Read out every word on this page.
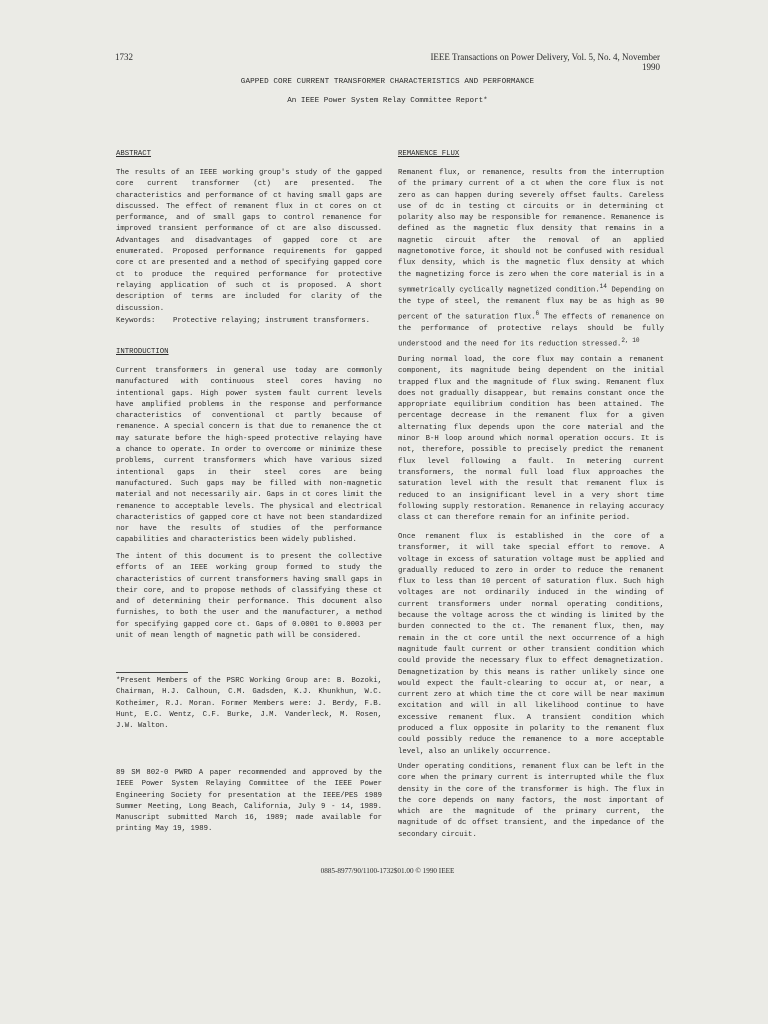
1732	IEEE Transactions on Power Delivery, Vol. 5, No. 4, November 1990
GAPPED CORE CURRENT TRANSFORMER CHARACTERISTICS AND PERFORMANCE
An IEEE Power System Relay Committee Report*
ABSTRACT

The results of an IEEE working group's study of the gapped core current transformer (ct) are presented. The characteristics and performance of ct having small gaps are discussed. The effect of remanent flux in ct cores on ct performance, and of small gaps to control remanence for improved transient performance of ct are also discussed. Advantages and disadvantages of gapped core ct are enumerated. Proposed performance requirements for gapped core ct are presented and a method of specifying gapped core ct to produce the required performance for protective relaying application of such ct is proposed. A short description of terms are included for clarity of the discussion.

Keywords:	Protective relaying; instrument transformers.
INTRODUCTION

Current transformers in general use today are commonly manufactured with continuous steel cores having no intentional gaps. High power system fault current levels have amplified problems in the response and performance characteristics of conventional ct partly because of remanence. A special concern is that due to remanence the ct may saturate before the high-speed protective relaying have a chance to operate. In order to overcome or minimize these problems, current transformers which have various sized intentional gaps in their steel cores are being manufactured. Such gaps may be filled with non-magnetic material and not necessarily air. Gaps in ct cores limit the remanence to acceptable levels. The physical and electrical characteristics of gapped core ct have not been standardized nor have the results of studies of the performance capabilities and characteristics been widely published.

The intent of this document is to present the collective efforts of an IEEE working group formed to study the characteristics of current transformers having small gaps in their core, and to propose methods of classifying these ct and of determining their performance. This document also furnishes, to both the user and the manufacturer, a method for specifying gapped core ct. Gaps of 0.0001 to 0.0003 per unit of mean length of magnetic path will be considered.

*Present Members of the PSRC Working Group are: B. Bozoki, Chairman, H.J. Calhoun, C.M. Gadsden, K.J. Khunkhun, W.C. Kotheimer, R.J. Moran. Former Members were: J. Berdy, F.B. Hunt, E.C. Wentz, C.F. Burke, J.M. Vanderleck, M. Rosen, J.W. Walton.

89 SM 802-0 PWRD A paper recommended and approved by the IEEE Power System Relaying Committee of the IEEE Power Engineering Society for presentation at the IEEE/PES 1989 Summer Meeting, Long Beach, California, July 9 - 14, 1989. Manuscript submitted March 16, 1989; made available for printing May 19, 1989.

REMANENCE FLUX

Remanent flux, or remanence, results from the interruption of the primary current of a ct when the core flux is not zero as can happen during severely offset faults. Careless use of dc in testing ct circuits or in determining ct polarity also may be responsible for remanence. Remanence is defined as the magnetic flux density that remains in a magnetic circuit after the removal of an applied magnetomotive force, it should not be confused with residual flux density, which is the magnetic flux density at which the magnetizing force is zero when the core material is in a symmetrically cyclically magnetized condition.$^{14}$ Depending on the type of steel, the remanent flux may be as high as 90 percent of the saturation flux.$^6$ The effects of remanence on the performance of protective relays should be fully understood and the need for its reduction stressed.$^{2, 10}$

During normal load, the core flux may contain a remanent component, its magnitude being dependent on the initial trapped flux and the magnitude of flux swing. Remanent flux does not gradually disappear, but remains constant once the appropriate equilibrium condition has been attained. The percentage decrease in the remanent flux for a given alternating flux depends upon the core material and the minor B-H loop around which normal operation occurs. It is not, therefore, possible to precisely predict the remanent flux level following a fault. In metering current transformers, the normal full load flux approaches the saturation level with the result that remanent flux is reduced to an insignificant level in a very short time following supply restoration. Remanence in relaying accuracy class ct can therefore remain for an infinite period.

Once remanent flux is established in the core of a transformer, it will take special effort to remove. A voltage in excess of saturation voltage must be applied and gradually reduced to zero in order to reduce the remanent flux to less than 10 percent of saturation flux. Such high voltages are not ordinarily induced in the winding of current transformers under normal operating conditions, because the voltage across the ct winding is limited by the burden connected to the ct. The remanent flux, then, may remain in the ct core until the next occurrence of a high magnitude fault current or other transient condition which could provide the necessary flux to effect demagnetization. Demagnetization by this means is rather unlikely since one would expect the fault-clearing to occur at, or near, a current zero at which time the ct core will be near maximum excitation and will in all likelihood continue to have excessive remanent flux. A transient condition which produced a flux opposite in polarity to the remanent flux could possibly reduce the remanence to a more acceptable level, also an unlikely occurrence.

Under operating conditions, remanent flux can be left in the core when the primary current is interrupted while the flux density in the core of the transformer is high. The flux in the core depends on many factors, the most important of which are the magnitude of the primary current, the magnitude of dc offset transient, and the impedance of the secondary circuit.

0885-8977/90/1100-1732$01.00 © 1990 IEEE
